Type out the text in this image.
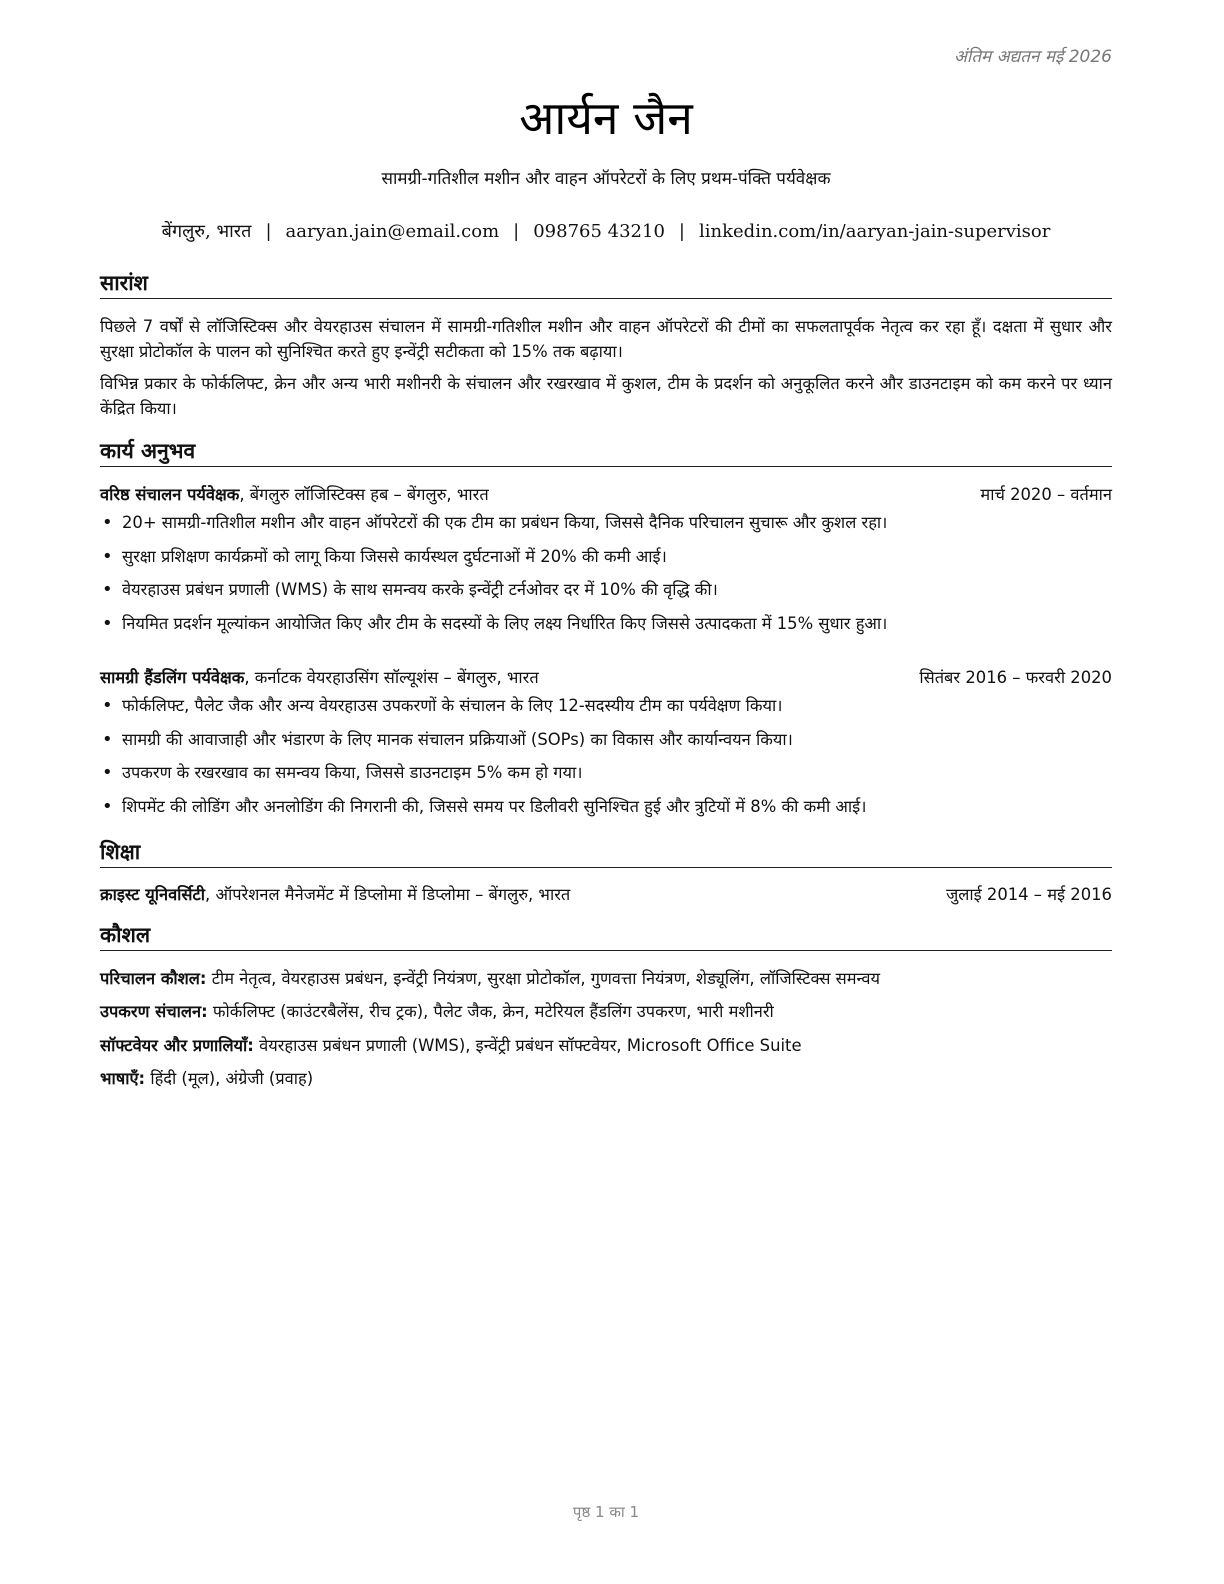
अंतिम अद्यतन मई 2026
आर्यन जैन
सामग्री-गतिशील मशीन और वाहन ऑपरेटरों के लिए प्रथम-पंक्ति पर्यवेक्षक
बेंगलुरु, भारत | aaryan.jain@email.com | 098765 43210 | linkedin.com/in/aaryan-jain-supervisor
सारांश
पिछले 7 वर्षों से लॉजिस्टिक्स और वेयरहाउस संचालन में सामग्री-गतिशील मशीन और वाहन ऑपरेटरों की टीमों का सफलतापूर्वक नेतृत्व कर रहा हूँ। दक्षता में सुधार और सुरक्षा प्रोटोकॉल के पालन को सुनिश्चित करते हुए इन्वेंट्री सटीकता को 15% तक बढ़ाया।
विभिन्न प्रकार के फोर्कलिफ्ट, क्रेन और अन्य भारी मशीनरी के संचालन और रखरखाव में कुशल, टीम के प्रदर्शन को अनुकूलित करने और डाउनटाइम को कम करने पर ध्यान केंद्रित किया।
कार्य अनुभव
वरिष्ठ संचालन पर्यवेक्षक, बेंगलुरु लॉजिस्टिक्स हब – बेंगलुरु, भारत	मार्च 2020 – वर्तमान
• 20+ सामग्री-गतिशील मशीन और वाहन ऑपरेटरों की एक टीम का प्रबंधन किया, जिससे दैनिक परिचालन सुचारू और कुशल रहा।
• सुरक्षा प्रशिक्षण कार्यक्रमों को लागू किया जिससे कार्यस्थल दुर्घटनाओं में 20% की कमी आई।
• वेयरहाउस प्रबंधन प्रणाली (WMS) के साथ समन्वय करके इन्वेंट्री टर्नओवर दर में 10% की वृद्धि की।
• नियमित प्रदर्शन मूल्यांकन आयोजित किए और टीम के सदस्यों के लिए लक्ष्य निर्धारित किए जिससे उत्पादकता में 15% सुधार हुआ।
सामग्री हैंडलिंग पर्यवेक्षक, कर्नाटक वेयरहाउसिंग सॉल्यूशंस – बेंगलुरु, भारत	सितंबर 2016 – फरवरी 2020
• फोर्कलिफ्ट, पैलेट जैक और अन्य वेयरहाउस उपकरणों के संचालन के लिए 12-सदस्यीय टीम का पर्यवेक्षण किया।
• सामग्री की आवाजाही और भंडारण के लिए मानक संचालन प्रक्रियाओं (SOPs) का विकास और कार्यान्वयन किया।
• उपकरण के रखरखाव का समन्वय किया, जिससे डाउनटाइम 5% कम हो गया।
• शिपमेंट की लोडिंग और अनलोडिंग की निगरानी की, जिससे समय पर डिलीवरी सुनिश्चित हुई और त्रुटियों में 8% की कमी आई।
शिक्षा
क्राइस्ट यूनिवर्सिटी, ऑपरेशनल मैनेजमेंट में डिप्लोमा में डिप्लोमा – बेंगलुरु, भारत	जुलाई 2014 – मई 2016
कौशल
परिचालन कौशल: टीम नेतृत्व, वेयरहाउस प्रबंधन, इन्वेंट्री नियंत्रण, सुरक्षा प्रोटोकॉल, गुणवत्ता नियंत्रण, शेड्यूलिंग, लॉजिस्टिक्स समन्वय
उपकरण संचालन: फोर्कलिफ्ट (काउंटरबैलेंस, रीच ट्रक), पैलेट जैक, क्रेन, मटेरियल हैंडलिंग उपकरण, भारी मशीनरी
सॉफ्टवेयर और प्रणालियाँ: वेयरहाउस प्रबंधन प्रणाली (WMS), इन्वेंट्री प्रबंधन सॉफ्टवेयर, Microsoft Office Suite
भाषाएँ: हिंदी (मूल), अंग्रेजी (प्रवाह)
पृष्ठ 1 का 1
